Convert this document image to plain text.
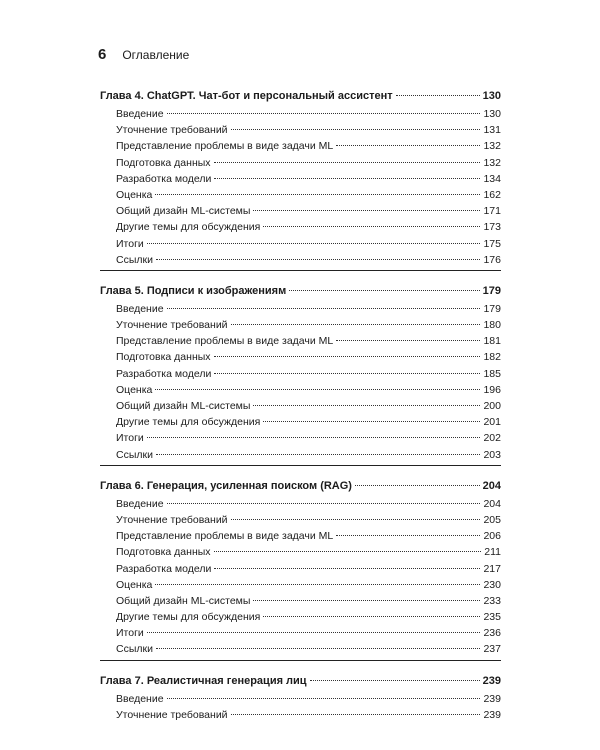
6 Оглавление
Глава 4. ChatGPT. Чат-бот и персональный ассистент	130
Введение	130
Уточнение требований	131
Представление проблемы в виде задачи ML	132
Подготовка данных	132
Разработка модели	134
Оценка	162
Общий дизайн ML-системы	171
Другие темы для обсуждения	173
Итоги	175
Ссылки	176
Глава 5. Подписи к изображениям	179
Введение	179
Уточнение требований	180
Представление проблемы в виде задачи ML	181
Подготовка данных	182
Разработка модели	185
Оценка	196
Общий дизайн ML-системы	200
Другие темы для обсуждения	201
Итоги	202
Ссылки	203
Глава 6. Генерация, усиленная поиском (RAG)	204
Введение	204
Уточнение требований	205
Представление проблемы в виде задачи ML	206
Подготовка данных	211
Разработка модели	217
Оценка	230
Общий дизайн ML-системы	233
Другие темы для обсуждения	235
Итоги	236
Ссылки	237
Глава 7. Реалистичная генерация лиц	239
Введение	239
Уточнение требований	239
